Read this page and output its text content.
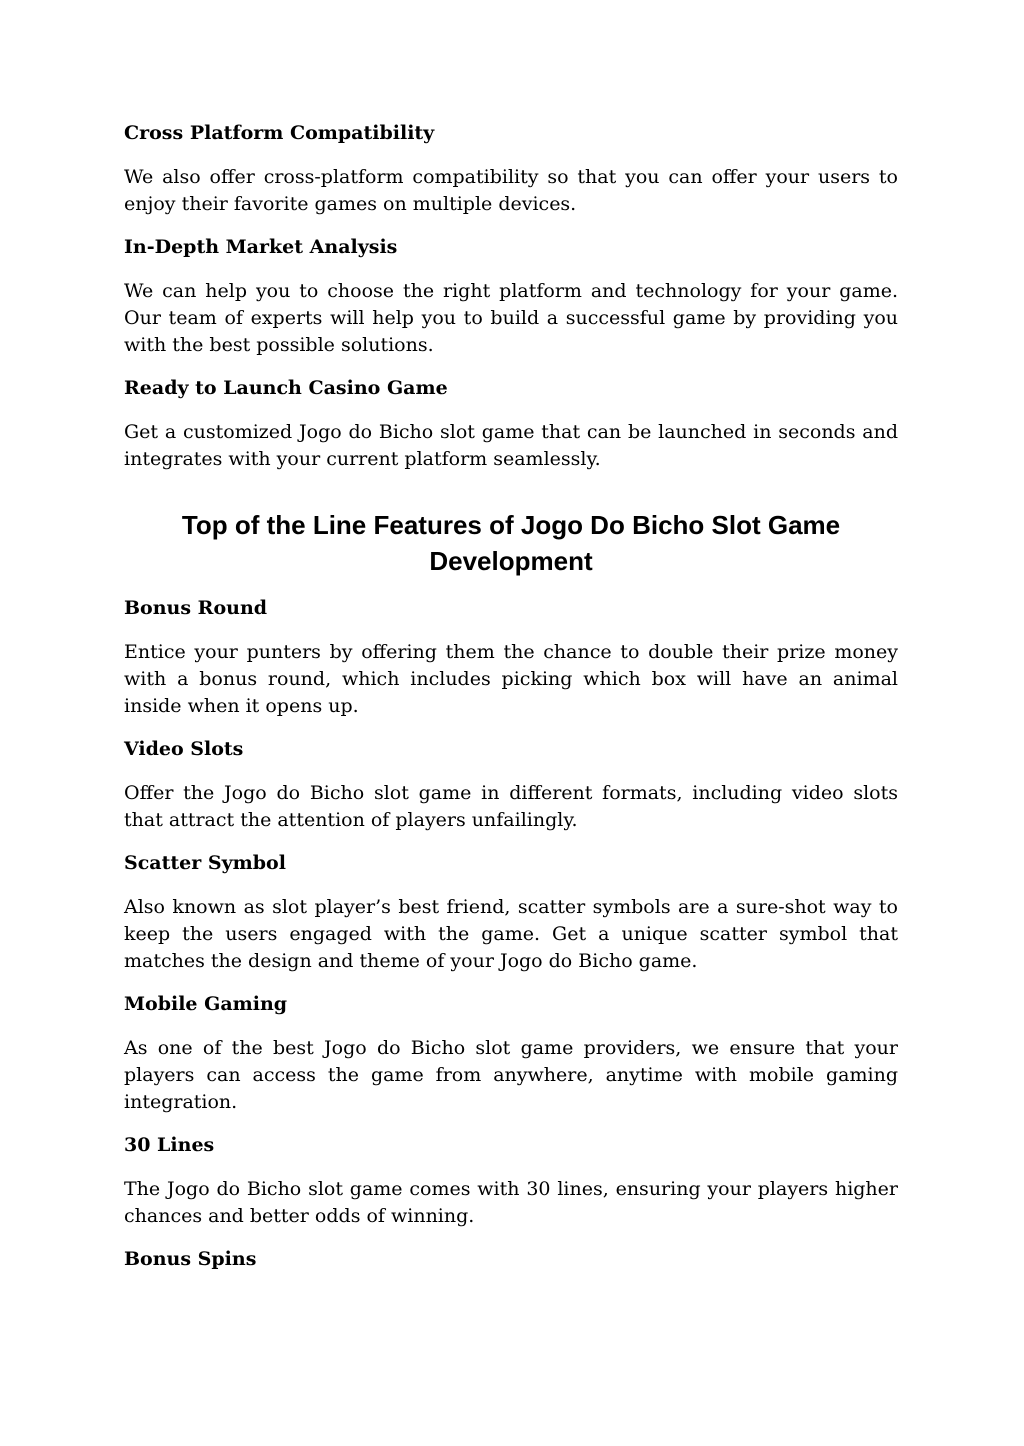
Cross Platform Compatibility
We also offer cross-platform compatibility so that you can offer your users to enjoy their favorite games on multiple devices.
In-Depth Market Analysis
We can help you to choose the right platform and technology for your game. Our team of experts will help you to build a successful game by providing you with the best possible solutions.
Ready to Launch Casino Game
Get a customized Jogo do Bicho slot game that can be launched in seconds and integrates with your current platform seamlessly.
Top of the Line Features of Jogo Do Bicho Slot Game Development
Bonus Round
Entice your punters by offering them the chance to double their prize money with a bonus round, which includes picking which box will have an animal inside when it opens up.
Video Slots
Offer the Jogo do Bicho slot game in different formats, including video slots that attract the attention of players unfailingly.
Scatter Symbol
Also known as slot player’s best friend, scatter symbols are a sure-shot way to keep the users engaged with the game. Get a unique scatter symbol that matches the design and theme of your Jogo do Bicho game.
Mobile Gaming
As one of the best Jogo do Bicho slot game providers, we ensure that your players can access the game from anywhere, anytime with mobile gaming integration.
30 Lines
The Jogo do Bicho slot game comes with 30 lines, ensuring your players higher chances and better odds of winning.
Bonus Spins
